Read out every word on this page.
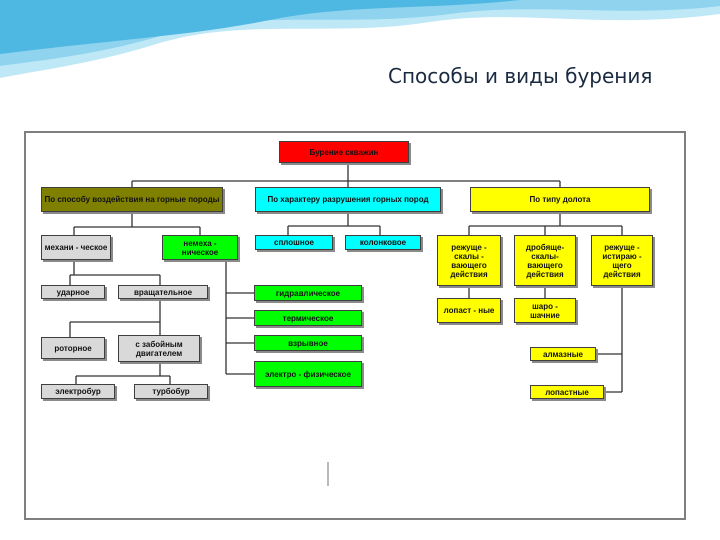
Способы и виды бурения
Бурение скважин
По способу воздействия на горные породы	По характеру разрушения горных пород	По типу долота
механи - ческое	немеха - ническое
ударное	вращательное
роторное	с забойным двигателем
электробур	турбобур
гидравлическое
термическое
взрывное
электро - физическое
сплошное	колонковое	режуще - скалы - вающего действия
дробяще- скалы- вающего действия
режуще - истираю - щего действия
лопаст - ные	шаро - шачние
алмазные
лопастные
